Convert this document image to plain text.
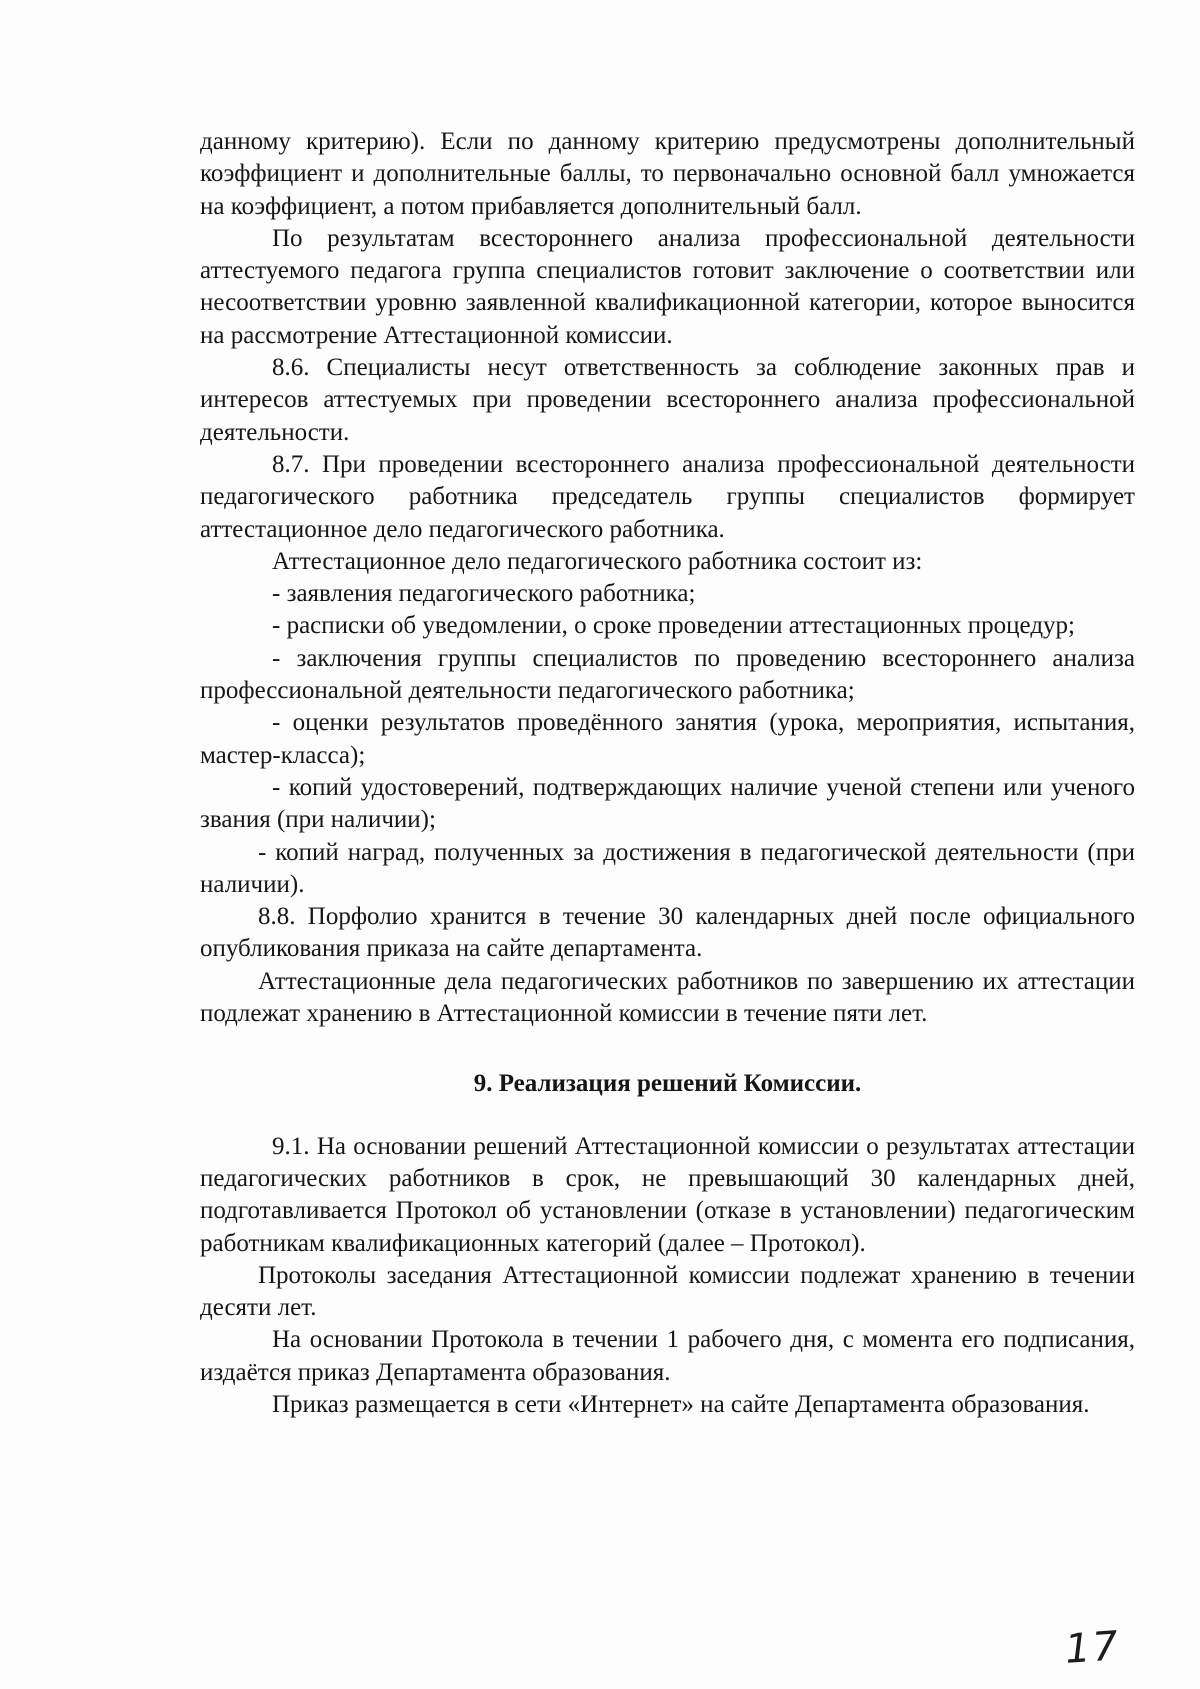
данному критерию). Если по данному критерию предусмотрены дополнительный коэффициент и дополнительные баллы, то первоначально основной балл умножается на коэффициент, а потом прибавляется дополнительный балл.

По результатам всестороннего анализа профессиональной деятельности аттестуемого педагога группа специалистов готовит заключение о соответствии или несоответствии уровню заявленной квалификационной категории, которое выносится на рассмотрение Аттестационной комиссии.

8.6. Специалисты несут ответственность за соблюдение законных прав и интересов аттестуемых при проведении всестороннего анализа профессиональной деятельности.

8.7. При проведении всестороннего анализа профессиональной деятельности педагогического работника председатель группы специалистов формирует аттестационное дело педагогического работника.

Аттестационное дело педагогического работника состоит из:

- заявления педагогического работника;

- расписки об уведомлении, о сроке проведении аттестационных процедур;

- заключения группы специалистов по проведению всестороннего анализа профессиональной деятельности педагогического работника;

- оценки результатов проведённого занятия (урока, мероприятия, испытания, мастер-класса);

- копий удостоверений, подтверждающих наличие ученой степени или ученого звания (при наличии);

- копий наград, полученных за достижения в педагогической деятельности (при наличии).

8.8. Порфолио хранится в течение 30 календарных дней после официального опубликования приказа на сайте департамента.

Аттестационные дела педагогических работников по завершению их аттестации подлежат хранению в Аттестационной комиссии в течение пяти лет.

9. Реализация решений Комиссии.

9.1. На основании решений Аттестационной комиссии о результатах аттестации педагогических работников в срок, не превышающий 30 календарных дней, подготавливается Протокол об установлении (отказе в установлении) педагогическим работникам квалификационных категорий (далее – Протокол).

Протоколы заседания Аттестационной комиссии подлежат хранению в течении десяти лет.

На основании Протокола в течении 1 рабочего дня, с момента его подписания, издаётся приказ Департамента образования.

Приказ размещается в сети «Интернет» на сайте Департамента образования.

17
